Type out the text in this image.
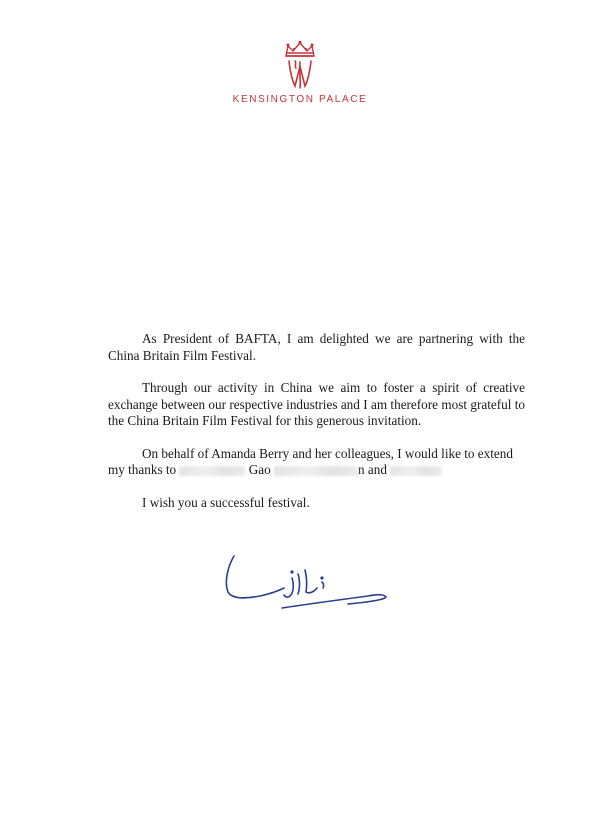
KENSINGTON PALACE

As President of BAFTA, I am delighted we are partnering with the China Britain Film Festival.

Through our activity in China we aim to foster a spirit of creative exchange between our respective industries and I am therefore most grateful to the China Britain Film Festival for this generous invitation.

On behalf of Amanda Berry and her colleagues, I would like to extend my thanks to	Gao	n and

I wish you a successful festival.
